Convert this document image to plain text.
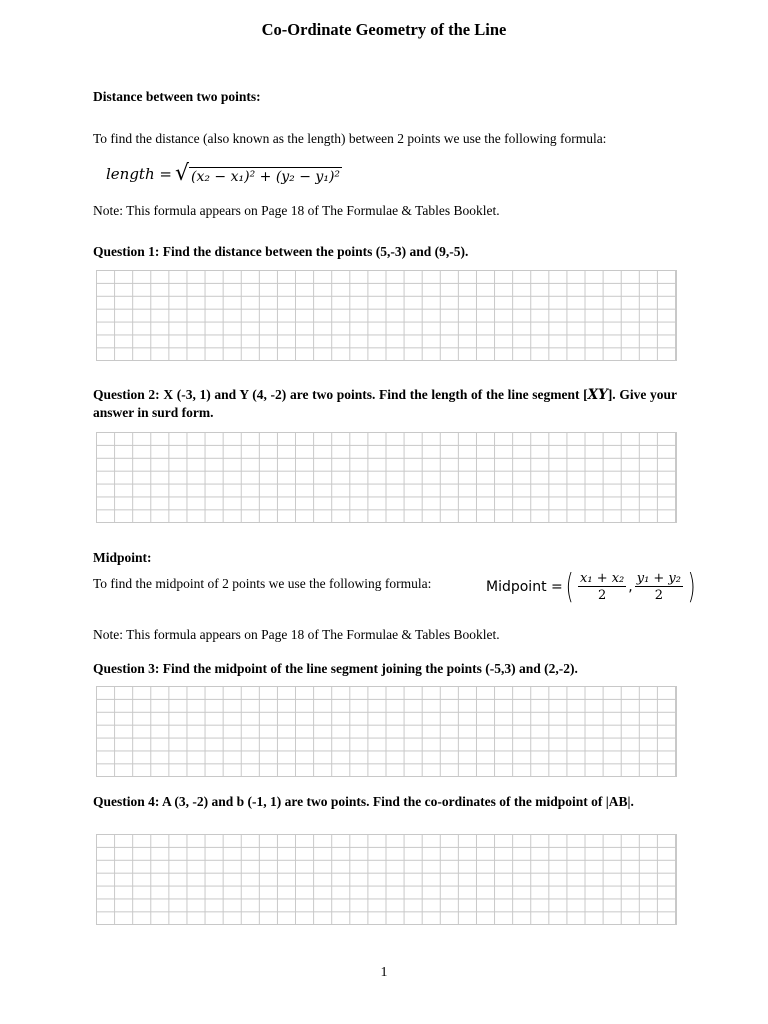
Co-Ordinate Geometry of the Line
Distance between two points:
To find the distance (also known as the length) between 2 points we use the following formula:
length = √ (x₂ − x₁)² + (y₂ − y₁)²
Note: This formula appears on Page 18 of The Formulae & Tables Booklet.
Question 1: Find the distance between the points (5,-3) and (9,-5).
Question 2: X (-3, 1) and Y (4, -2) are two points. Find the length of the line segment [XY]. Give your answer in surd form.
Midpoint:
To find the midpoint of 2 points we use the following formula:	Midpoint = ( $\frac{\text{x₁ + x₂}}{2}$ , $\frac{\text{y₁ + y₂}}{2}$ )
Note: This formula appears on Page 18 of The Formulae & Tables Booklet.
Question 3: Find the midpoint of the line segment joining the points (-5,3) and (2,-2).
Question 4: A (3, -2) and b (-1, 1) are two points. Find the co-ordinates of the midpoint of |AB|.
1
